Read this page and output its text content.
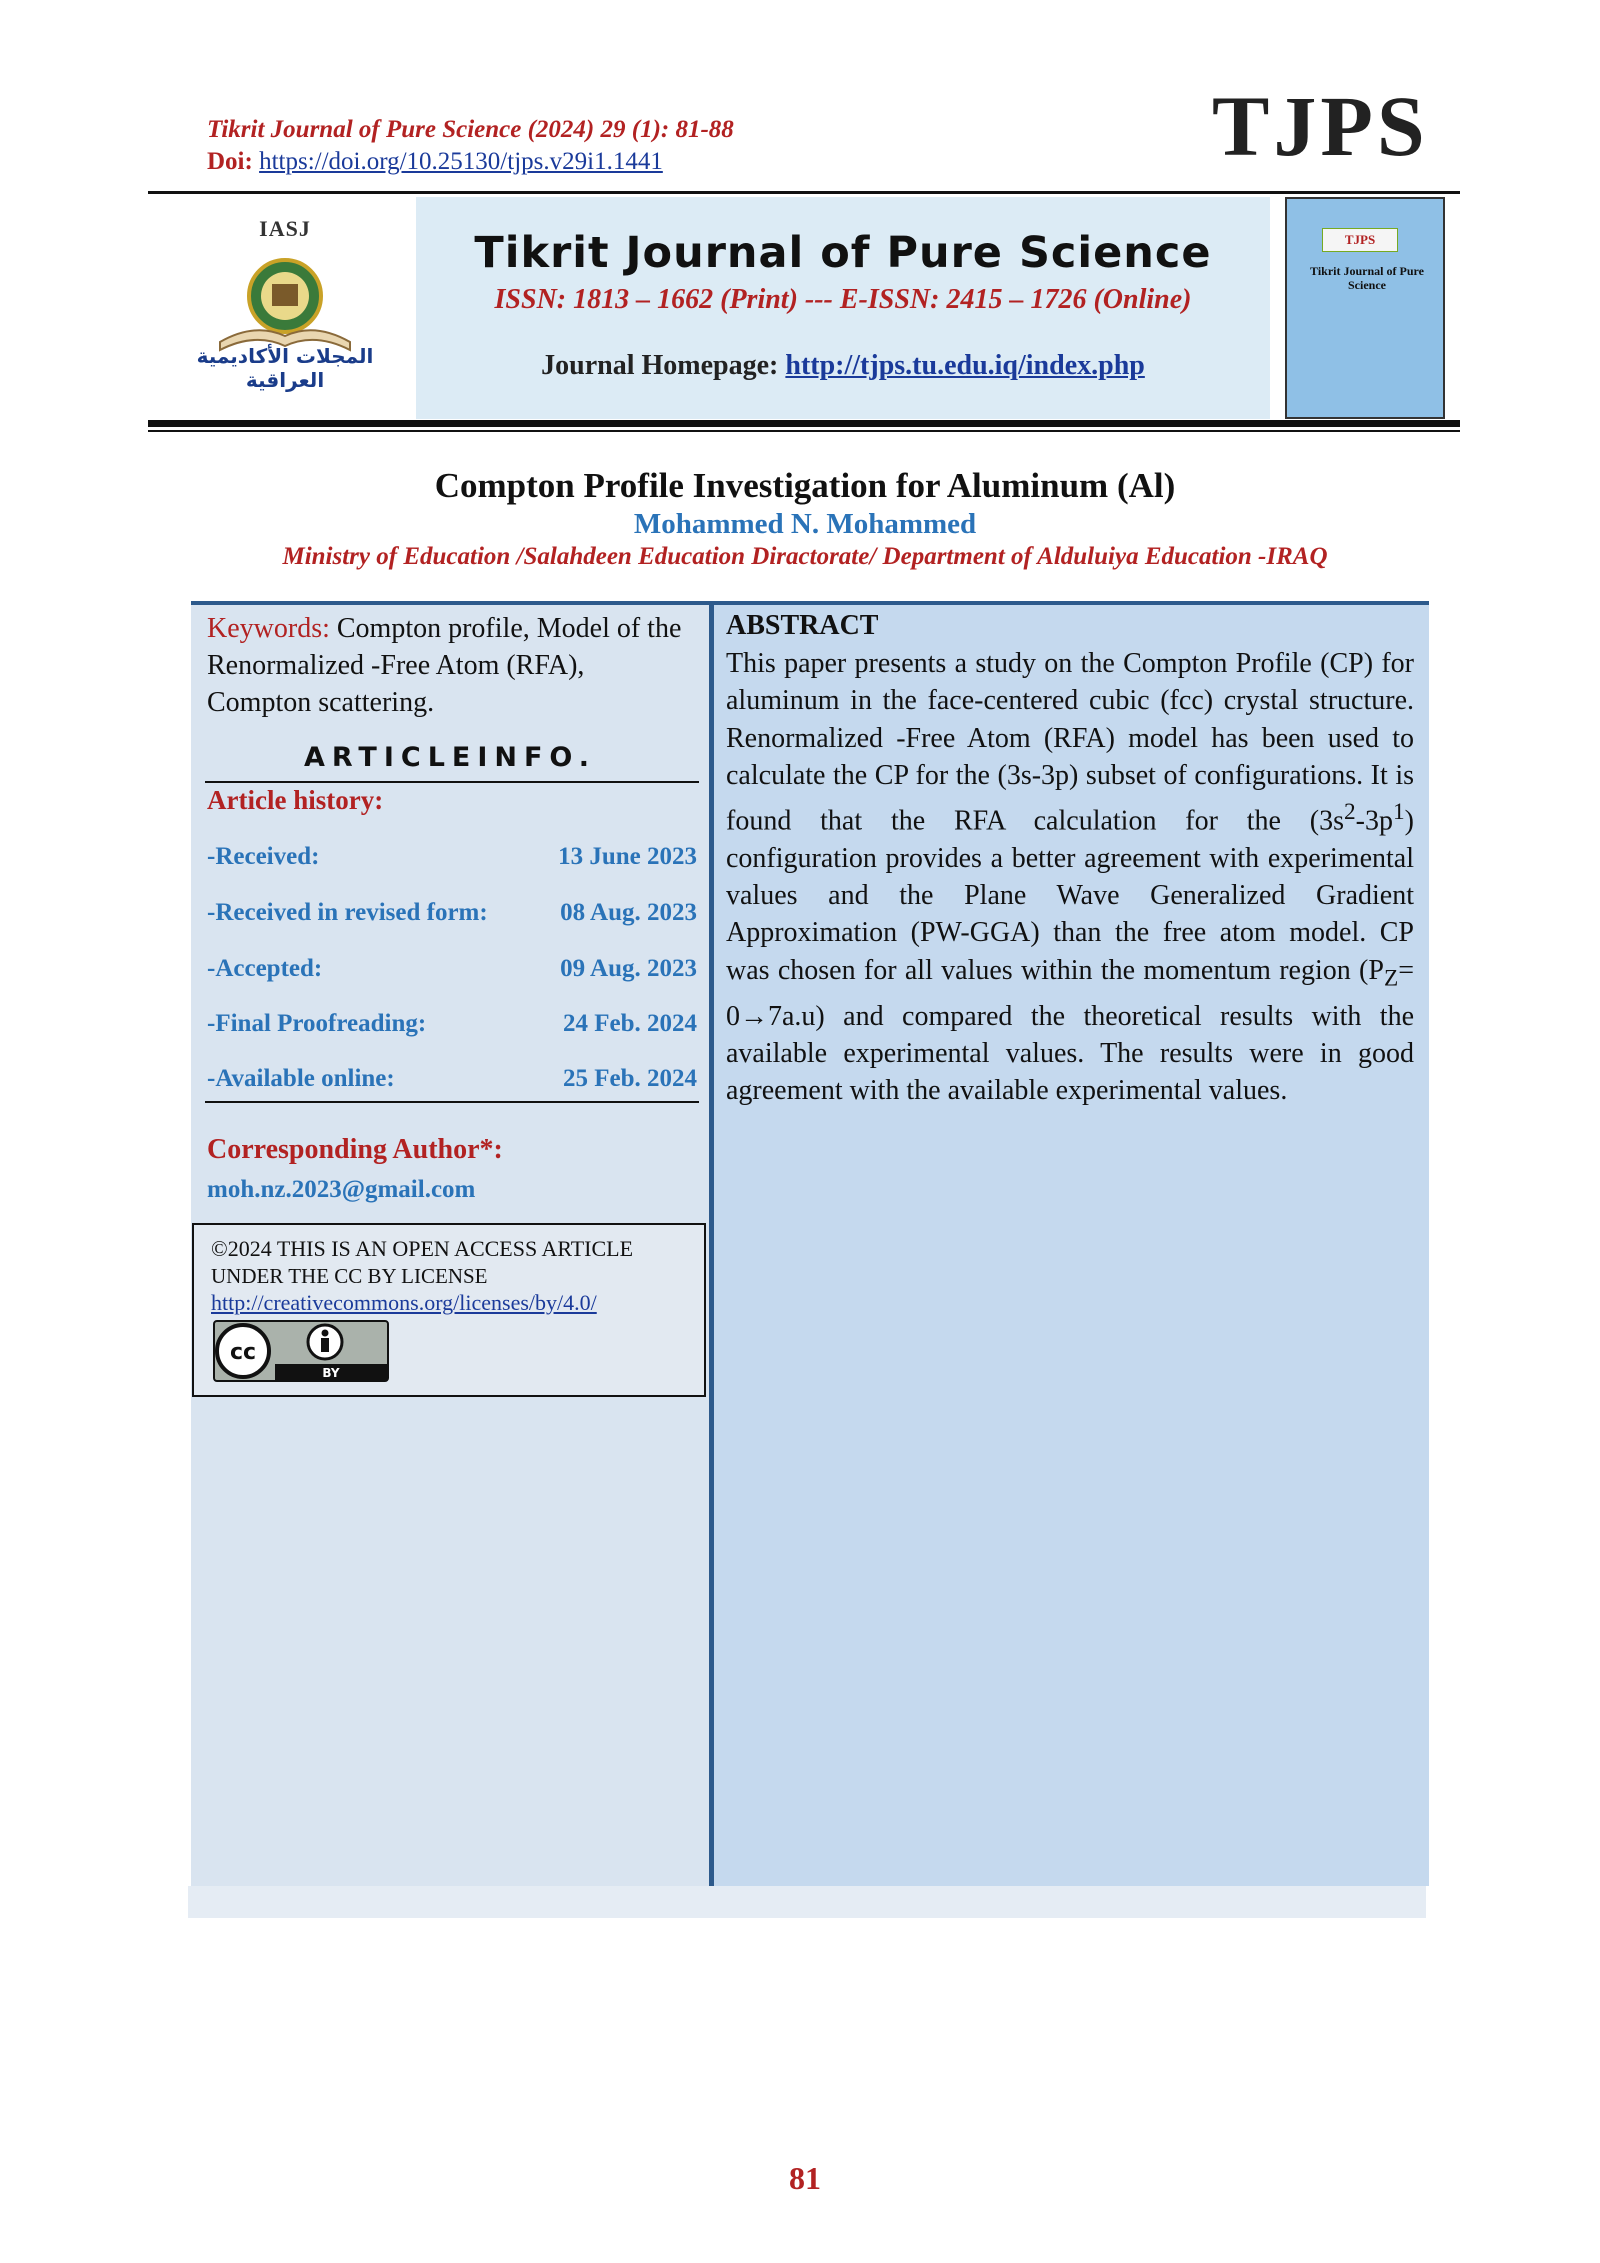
Tikrit Journal of Pure Science (2024) 29 (1): 81-88
Doi: https://doi.org/10.25130/tjps.v29i1.1441	TJPS
IASJ
المجلات الأكاديمية العراقية
Tikrit Journal of Pure Science
ISSN: 1813 – 1662 (Print) --- E-ISSN: 2415 – 1726 (Online)
Journal Homepage: http://tjps.tu.edu.iq/index.php
TJPS
Tikrit Journal of Pure Science
Compton Profile Investigation for Aluminum (Al)
Mohammed N. Mohammed
Ministry of Education /Salahdeen Education Diractorate/ Department of Alduluiya Education -IRAQ
Keywords: Compton profile, Model of the Renormalized -Free Atom (RFA), Compton scattering.
ARTICLEINFO.
Article history:
-Received:	13 June 2023
-Received in revised form:	08 Aug. 2023
-Accepted:	09 Aug. 2023
-Final Proofreading:	24 Feb. 2024
-Available online:	25 Feb. 2024
Corresponding Author*:
moh.nz.2023@gmail.com
©2024 THIS IS AN OPEN ACCESS ARTICLE
UNDER THE CC BY LICENSE
http://creativecommons.org/licenses/by/4.0/
cc
BY
ABSTRACT
This paper presents a study on the Compton Profile (CP) for aluminum in the face-centered cubic (fcc) crystal structure. Renormalized -Free Atom (RFA) model has been used to calculate the CP for the (3s-3p) subset of configurations. It is found that the RFA calculation for the $(3s^2-3p^1)$ configuration provides a better agreement with experimental values and the Plane Wave Generalized Gradient Approximation (PW-GGA) than the free atom model. CP was chosen for all values within the momentum region $(P_Z= 0\to 7a.u)$ and compared the theoretical results with the available experimental values. The results were in good agreement with the available experimental values.
81
